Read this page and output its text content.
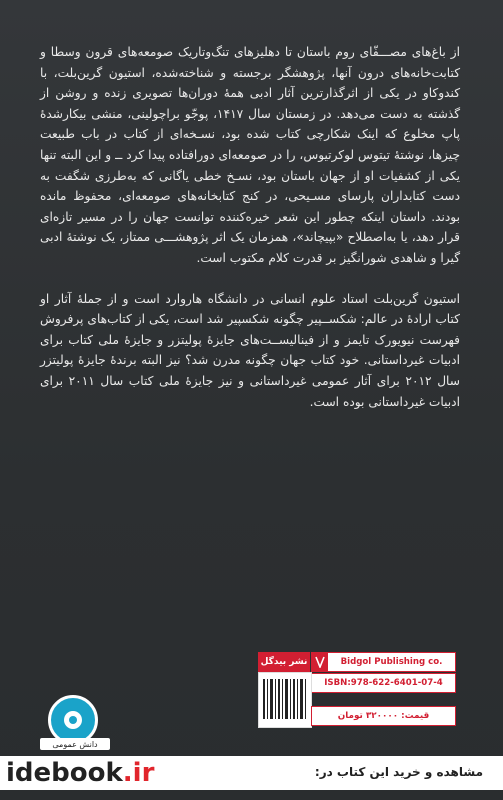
از باغ‌های مصـــفّای روم باستان تا دهلیزهای تنگ‌وتاریک صومعه‌های قرون وسطا و کتابت‌خانه‌های درون آنها، پژوهشگر برجسته و شناخته‌شده، استیون گرین‌بلت، با کندوکاو در یکی از اثرگذارترین آثار ادبی همهٔ دوران‌ها تصویری زنده و روشن از گذشته به دست می‌دهد. در زمستان سال ۱۴۱۷، پوجّو براچولینی، منشی بیکارشدهٔ پاپ مخلوع که اینک شکارچی کتاب شده بود، نسـخه‌ای از کتاب در باب طبیعت چیزها، نوشتهٔ تیتوس لوکرتیوس، را در صومعه‌ای دورافتاده پیدا کرد ــ و این البته تنها یکی از کشفیات او از جهان باستان بود، نسـخ خطی یاگانی که به‌طرزی شگفت به دست کتابداران پارسای مسـیحی، در کنج کتابخانه‌های صومعه‌ای، محفوظ مانده بودند. داستان اینکه چطور این شعر خیره‌کننده توانست جهان را در مسیر تازه‌ای قرار دهد، یا به‌اصطلاح «بپیچاند»، همزمان یک اثر پژوهشـــی ممتاز، یک نوشتهٔ ادبی گیرا و شاهدی شورانگیز بر قدرت کلام مکتوب است.

استیون گرین‌بلت استاد علوم انسانی در دانشگاه هاروارد است و از جملهٔ آثار او کتاب ارادهٔ در عالم: شکســپیر چگونه شکسپیر شد است، یکی از کتاب‌های پرفروش فهرست نیویورک تایمز و از فینالیســت‌های جایزهٔ پولیتزر و جایزهٔ ملی کتاب برای ادبیات غیرداستانی. خود کتاب جهان چگونه مدرن شد؟ نیز البته برندهٔ جایزهٔ پولیتزر سال ۲۰۱۲ برای آثار عمومی غیرداستانی و نیز جایزهٔ ملی کتاب سال ۲۰۱۱ برای ادبیات غیرداستانی بوده است.

نشر بیدگل	Bidgol Publishing co.
ISBN:978-622-6401-07-4
قیمت: ۳۲۰۰۰۰ تومان
دانش عمومی
idebook.ir	مشاهده و خرید این کتاب در:
